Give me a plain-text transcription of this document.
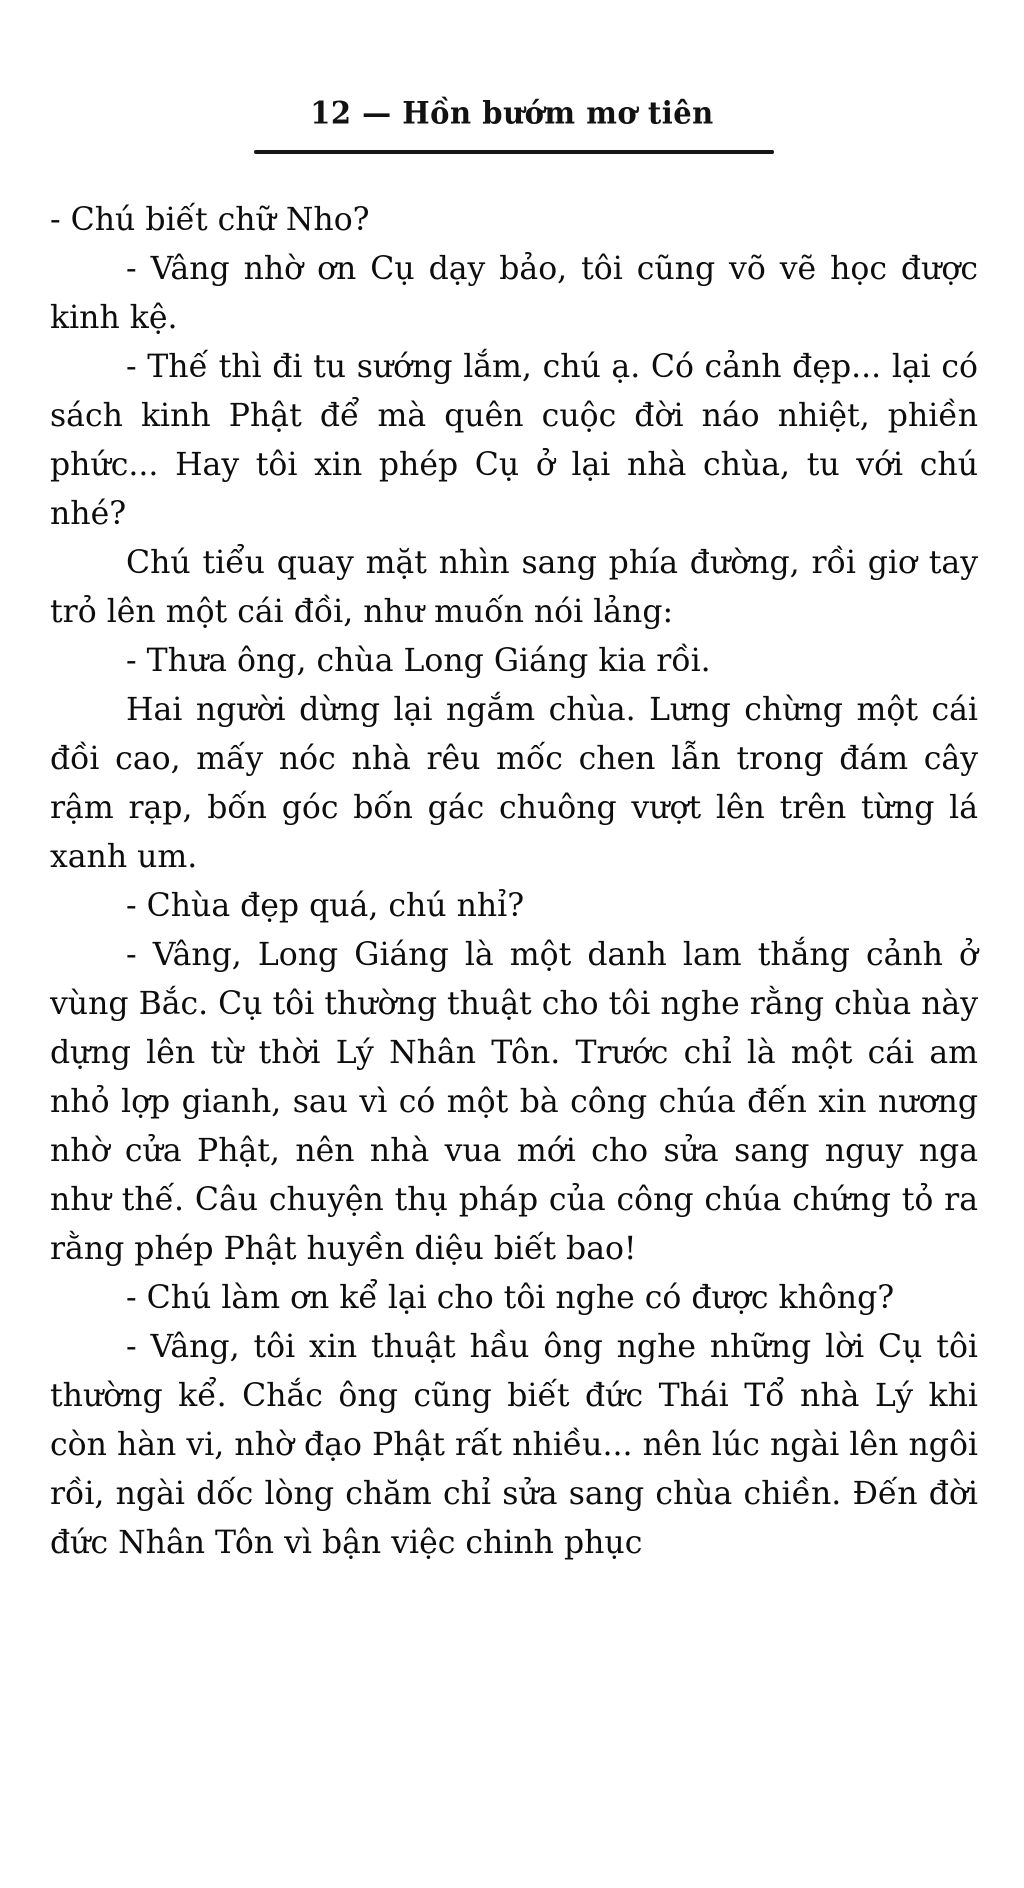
12 — Hồn bướm mơ tiên

- Chú biết chữ Nho?

- Vâng nhờ ơn Cụ dạy bảo, tôi cũng võ vẽ học được kinh kệ.

- Thế thì đi tu sướng lắm, chú ạ. Có cảnh đẹp... lại có sách kinh Phật để mà quên cuộc đời náo nhiệt, phiền phức... Hay tôi xin phép Cụ ở lại nhà chùa, tu với chú nhé?

Chú tiểu quay mặt nhìn sang phía đường, rồi giơ tay trỏ lên một cái đồi, như muốn nói lảng:

- Thưa ông, chùa Long Giáng kia rồi.

Hai người dừng lại ngắm chùa. Lưng chừng một cái đồi cao, mấy nóc nhà rêu mốc chen lẫn trong đám cây rậm rạp, bốn góc bốn gác chuông vượt lên trên từng lá xanh um.

- Chùa đẹp quá, chú nhỉ?

- Vâng, Long Giáng là một danh lam thắng cảnh ở vùng Bắc. Cụ tôi thường thuật cho tôi nghe rằng chùa này dựng lên từ thời Lý Nhân Tôn. Trước chỉ là một cái am nhỏ lợp gianh, sau vì có một bà công chúa đến xin nương nhờ cửa Phật, nên nhà vua mới cho sửa sang nguy nga như thế. Câu chuyện thụ pháp của công chúa chứng tỏ ra rằng phép Phật huyền diệu biết bao!

- Chú làm ơn kể lại cho tôi nghe có được không?

- Vâng, tôi xin thuật hầu ông nghe những lời Cụ tôi thường kể. Chắc ông cũng biết đức Thái Tổ nhà Lý khi còn hàn vi, nhờ đạo Phật rất nhiều... nên lúc ngài lên ngôi rồi, ngài dốc lòng chăm chỉ sửa sang chùa chiền. Đến đời đức Nhân Tôn vì bận việc chinh phục
